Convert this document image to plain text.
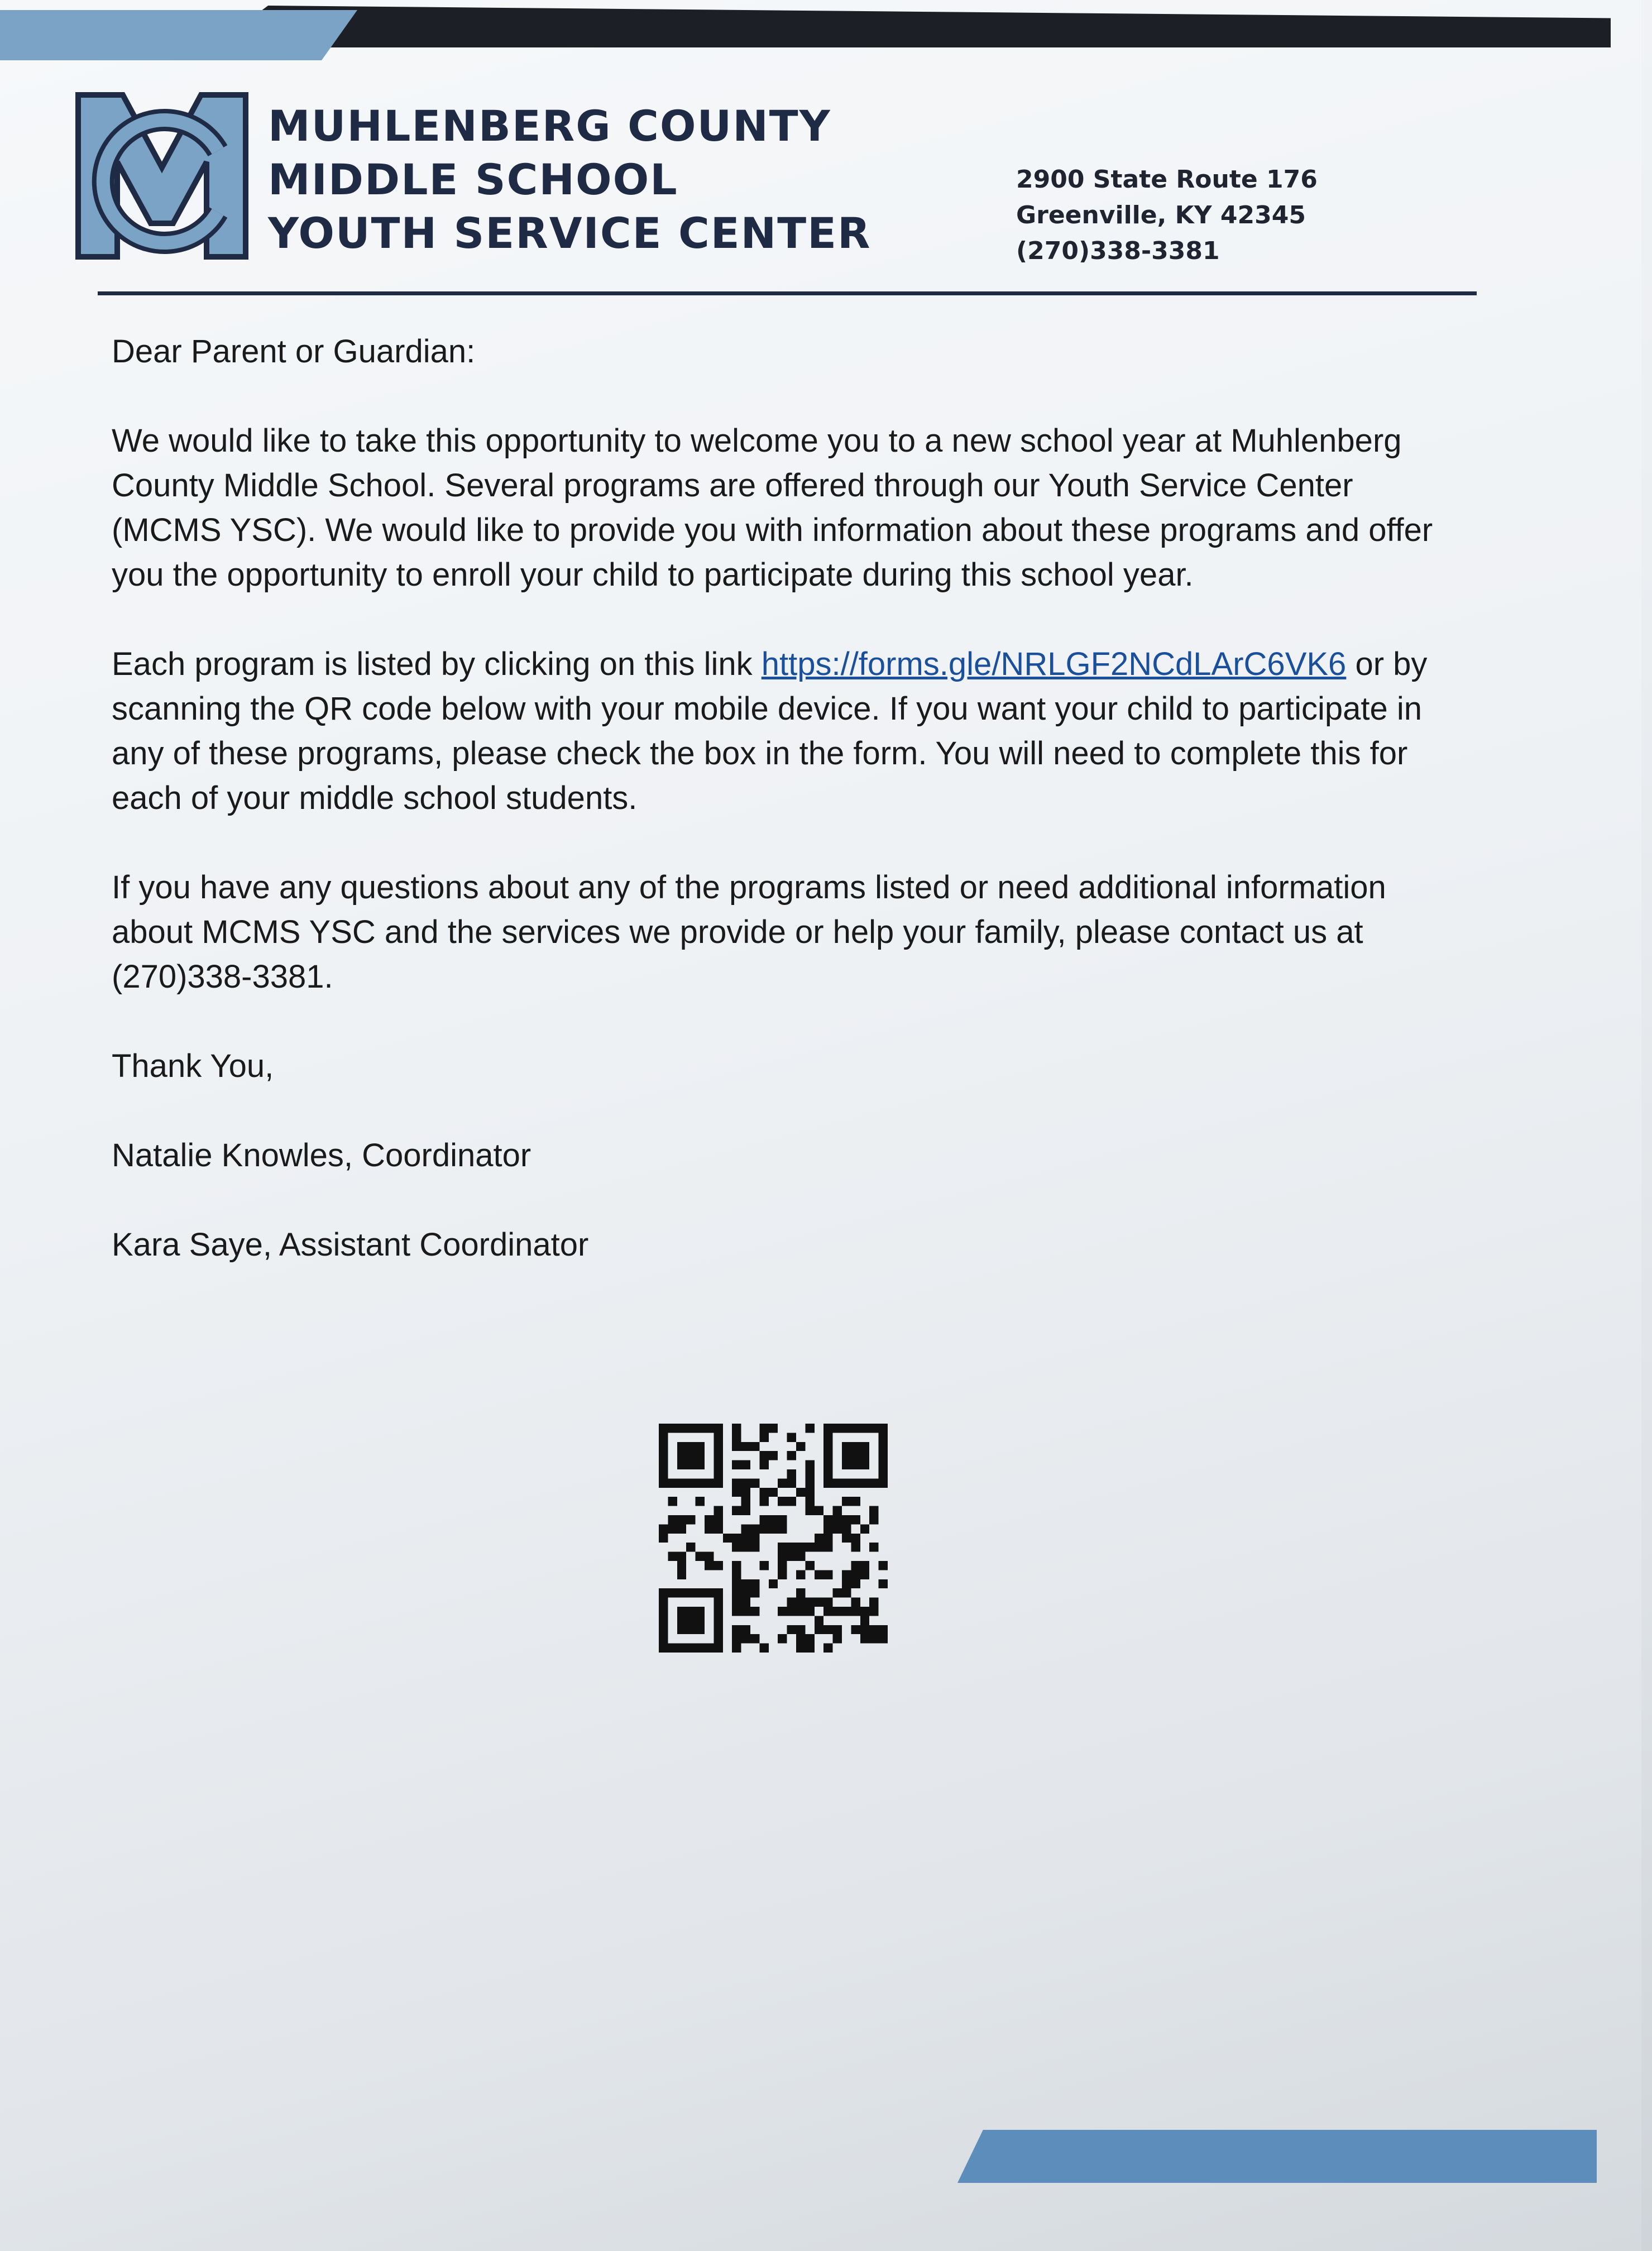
MUHLENBERG COUNTY
MIDDLE SCHOOL
YOUTH SERVICE CENTER
2900 State Route 176
Greenville, KY 42345
(270)338-3381

Dear Parent or Guardian:

We would like to take this opportunity to welcome you to a new school year at Muhlenberg County Middle School. Several programs are offered through our Youth Service Center (MCMS YSC). We would like to provide you with information about these programs and offer you the opportunity to enroll your child to participate during this school year.

Each program is listed by clicking on this link https://forms.gle/NRLGF2NCdLArC6VK6 or by scanning the QR code below with your mobile device. If you want your child to participate in any of these programs, please check the box in the form. You will need to complete this for each of your middle school students.

If you have any questions about any of the programs listed or need additional information about MCMS YSC and the services we provide or help your family, please contact us at (270)338-3381.

Thank You,

Natalie Knowles, Coordinator

Kara Saye, Assistant Coordinator
